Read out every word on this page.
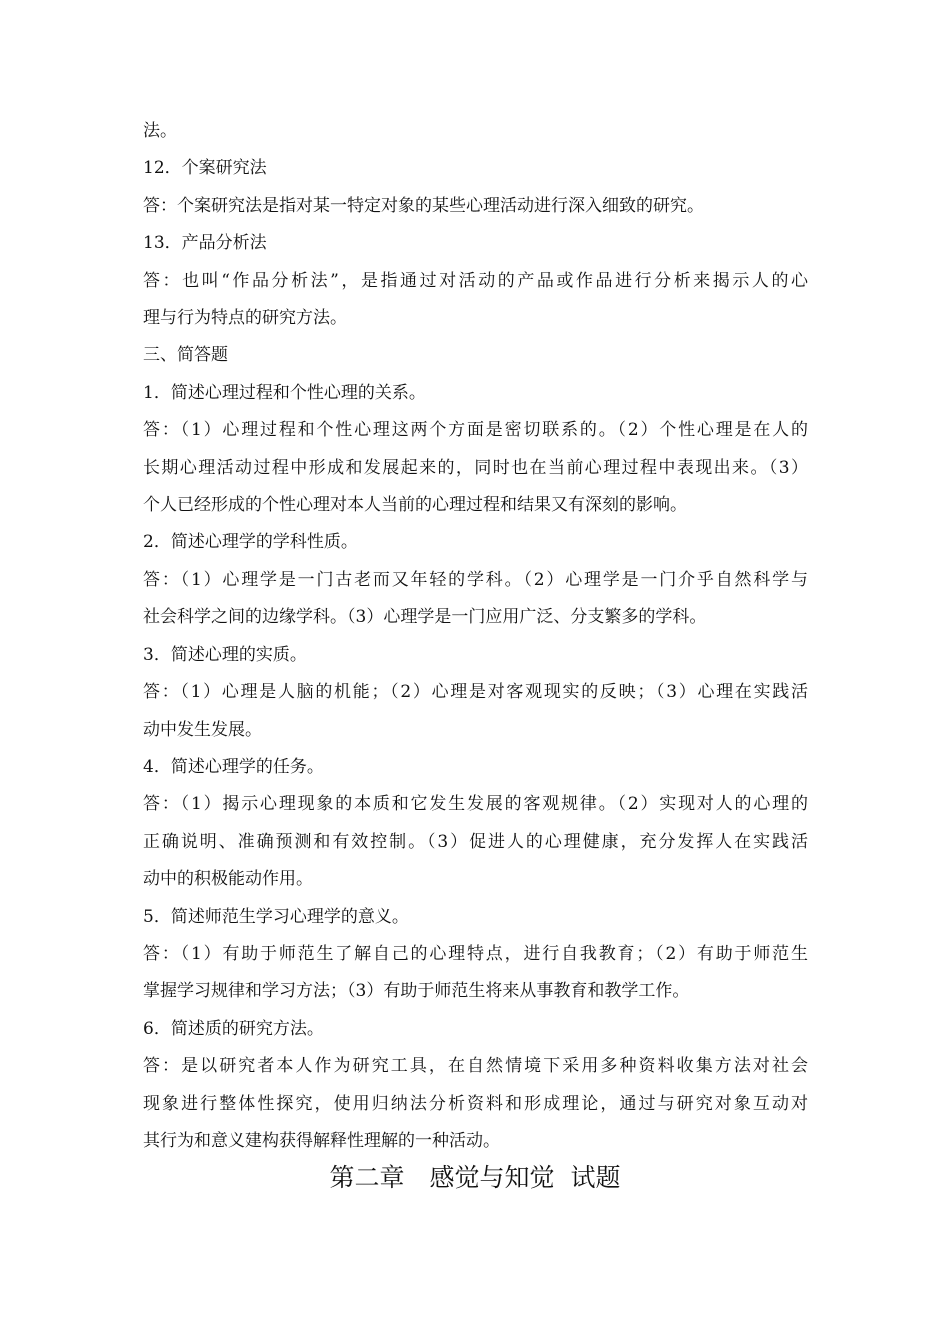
法。
12．个案研究法
答：个案研究法是指对某一特定对象的某些心理活动进行深入细致的研究。
13．产品分析法
答：也叫“作品分析法”，是指通过对活动的产品或作品进行分析来揭示人的心
理与行为特点的研究方法。
三、简答题
1．简述心理过程和个性心理的关系。
答：（1）心理过程和个性心理这两个方面是密切联系的。（2）个性心理是在人的
长期心理活动过程中形成和发展起来的，同时也在当前心理过程中表现出来。（3）
个人已经形成的个性心理对本人当前的心理过程和结果又有深刻的影响。
2．简述心理学的学科性质。
答：（1）心理学是一门古老而又年轻的学科。（2）心理学是一门介乎自然科学与
社会科学之间的边缘学科。（3）心理学是一门应用广泛、分支繁多的学科。
3．简述心理的实质。
答：（1）心理是人脑的机能；（2）心理是对客观现实的反映；（3）心理在实践活
动中发生发展。
4．简述心理学的任务。
答：（1）揭示心理现象的本质和它发生发展的客观规律。（2）实现对人的心理的
正确说明、准确预测和有效控制。（3）促进人的心理健康，充分发挥人在实践活
动中的积极能动作用。
5．简述师范生学习心理学的意义。
答：（1）有助于师范生了解自己的心理特点，进行自我教育；（2）有助于师范生
掌握学习规律和学习方法；（3）有助于师范生将来从事教育和教学工作。
6．简述质的研究方法。
答：是以研究者本人作为研究工具，在自然情境下采用多种资料收集方法对社会
现象进行整体性探究，使用归纳法分析资料和形成理论，通过与研究对象互动对
其行为和意义建构获得解释性理解的一种活动。
第二章　感觉与知觉  试题
